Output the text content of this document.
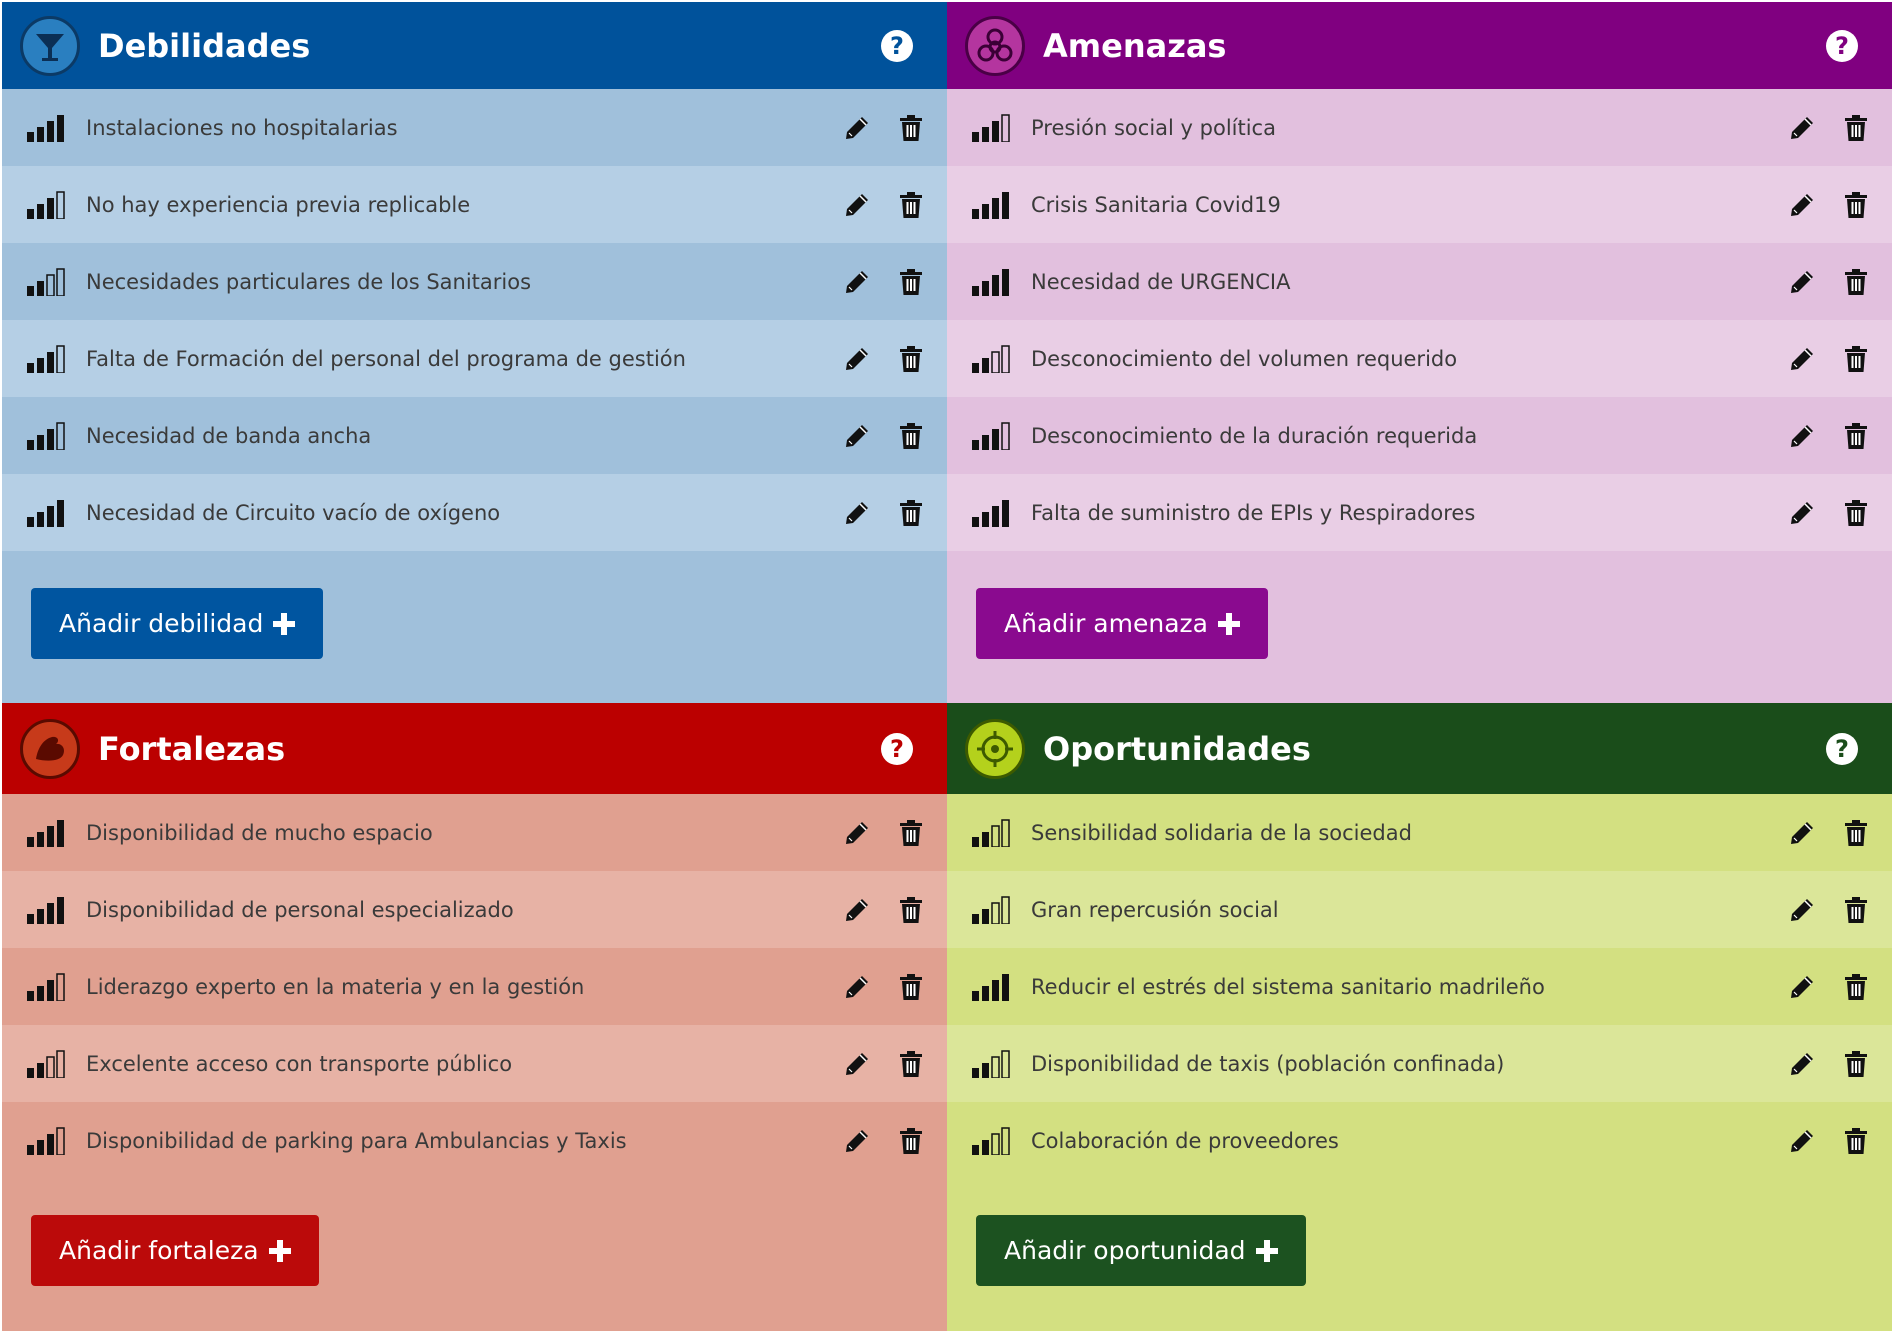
Debilidades	?
Instalaciones no hospitalarias
No hay experiencia previa replicable
Necesidades particulares de los Sanitarios
Falta de Formación del personal del programa de gestión
Necesidad de banda ancha
Necesidad de Circuito vacío de oxígeno
Añadir debilidad
Amenazas	?
Presión social y política
Crisis Sanitaria Covid19
Necesidad de URGENCIA
Desconocimiento del volumen requerido
Desconocimiento de la duración requerida
Falta de suministro de EPIs y Respiradores
Añadir amenaza
Fortalezas	?
Disponibilidad de mucho espacio
Disponibilidad de personal especializado
Liderazgo experto en la materia y en la gestión
Excelente acceso con transporte público
Disponibilidad de parking para Ambulancias y Taxis
Añadir fortaleza
Oportunidades	?
Sensibilidad solidaria de la sociedad
Gran repercusión social
Reducir el estrés del sistema sanitario madrileño
Disponibilidad de taxis (población confinada)
Colaboración de proveedores
Añadir oportunidad
